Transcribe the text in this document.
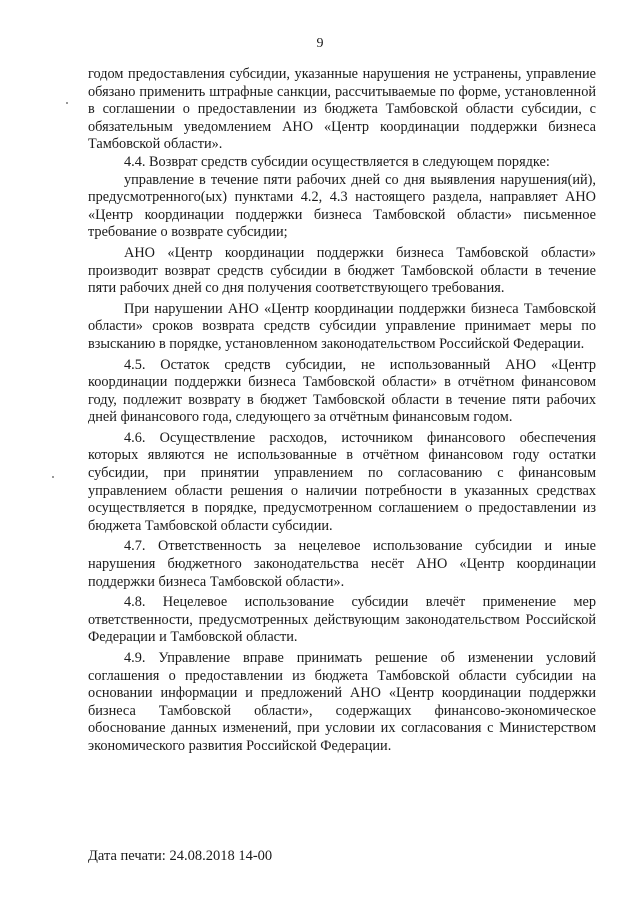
9

годом предоставления субсидии, указанные нарушения не устранены, управление обязано применить штрафные санкции, рассчитываемые по форме, установленной в соглашении о предоставлении из бюджета Тамбовской области субсидии, с обязательным уведомлением АНО «Центр координации поддержки бизнеса Тамбовской области».

4.4. Возврат средств субсидии осуществляется в следующем порядке:

управление в течение пяти рабочих дней со дня выявления нарушения(ий), предусмотренного(ых) пунктами 4.2, 4.3 настоящего раздела, направляет АНО «Центр координации поддержки бизнеса Тамбовской области» письменное требование о возврате субсидии;

АНО «Центр координации поддержки бизнеса Тамбовской области» производит возврат средств субсидии в бюджет Тамбовской области в течение пяти рабочих дней со дня получения соответствующего требования.

При нарушении АНО «Центр координации поддержки бизнеса Тамбовской области» сроков возврата средств субсидии управление принимает меры по взысканию в порядке, установленном законодательством Российской Федерации.

4.5. Остаток средств субсидии, не использованный АНО «Центр координации поддержки бизнеса Тамбовской области» в отчётном финансовом году, подлежит возврату в бюджет Тамбовской области в течение пяти рабочих дней финансового года, следующего за отчётным финансовым годом.

4.6. Осуществление расходов, источником финансового обеспечения которых являются не использованные в отчётном финансовом году остатки субсидии, при принятии управлением по согласованию с финансовым управлением области решения о наличии потребности в указанных средствах осуществляется в порядке, предусмотренном соглашением о предоставлении из бюджета Тамбовской области субсидии.

4.7. Ответственность за нецелевое использование субсидии и иные нарушения бюджетного законодательства несёт АНО «Центр координации поддержки бизнеса Тамбовской области».

4.8. Нецелевое использование субсидии влечёт применение мер ответственности, предусмотренных действующим законодательством Российской Федерации и Тамбовской области.

4.9. Управление вправе принимать решение об изменении условий соглашения о предоставлении из бюджета Тамбовской области субсидии на основании информации и предложений АНО «Центр координации поддержки бизнеса Тамбовской области», содержащих финансово-экономическое обоснование данных изменений, при условии их согласования с Министерством экономического развития Российской Федерации.

Дата печати: 24.08.2018 14-00
